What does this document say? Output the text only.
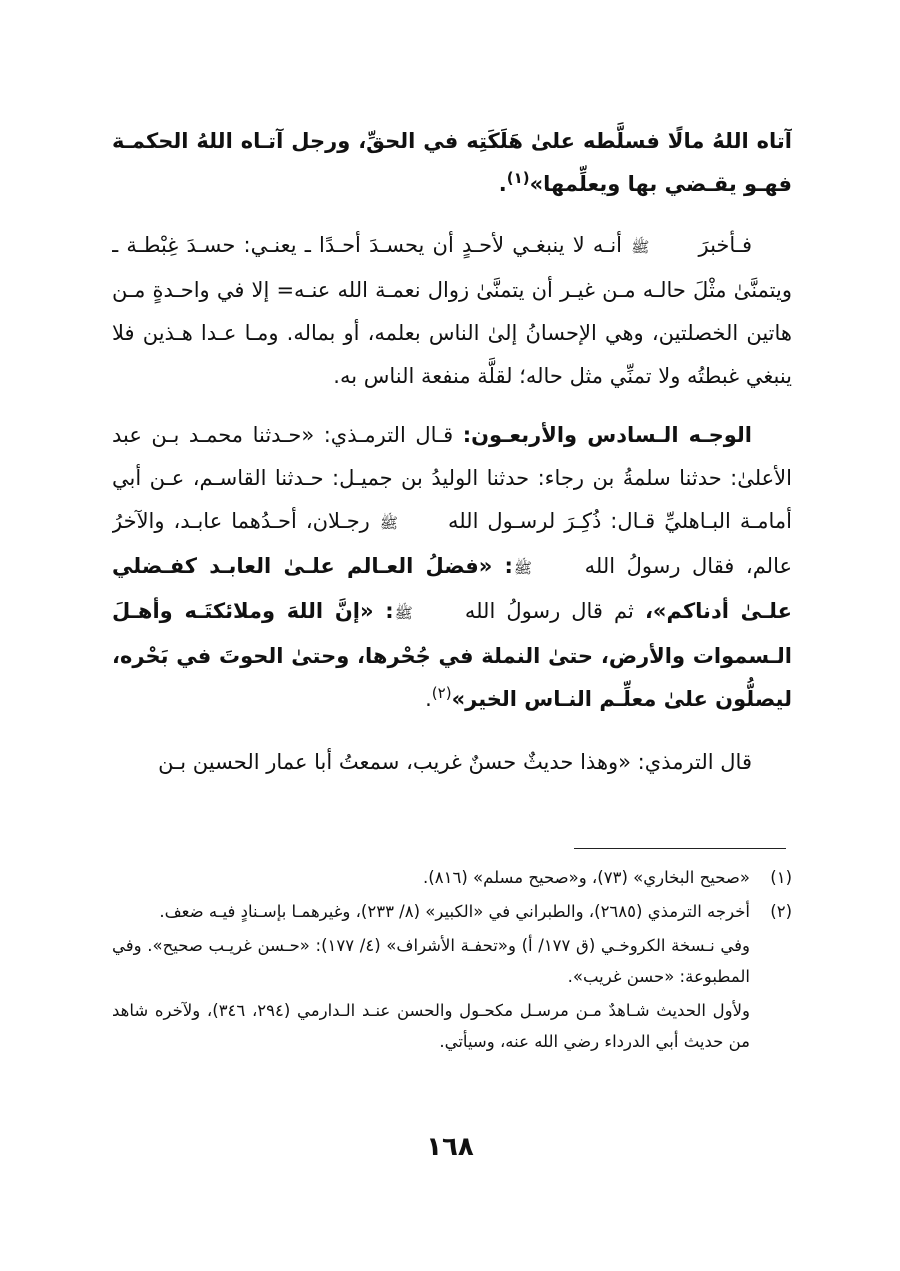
آتاه اللهُ مالًا فسلَّطه علىٰ هَلَكَتِه في الحقِّ، ورجل آتـاه اللهُ الحكمـة فهـو يقـضي بها ويعلِّمها»$^{(١)}$.
فـأخبرَ ﷺ أنـه لا ينبغـي لأحـدٍ أن يحسـدَ أحـدًا ـ يعنـي: حسـدَ غِبْطـة ـ ويتمنَّىٰ مثْلَ حالـه مـن غيـر أن يتمنَّىٰ زوال نعمـة الله عنـه= إلا في واحـدةٍ مـن هاتين الخصلتين، وهي الإحسانُ إلىٰ الناس بعلمه، أو بماله. ومـا عـدا هـذين فلا ينبغي غبطتُه ولا تمنِّي مثل حاله؛ لقلَّة منفعة الناس به.
الوجـه الـسادس والأربعـون: قـال الترمـذي: «حـدثنا محمـد بـن عبد الأعلىٰ: حدثنا سلمةُ بن رجاء: حدثنا الوليدُ بن جميـل: حـدثنا القاسـم، عـن أبي أمامـة البـاهليِّ قـال: ذُكِـرَ لرسـول الله ﷺ رجـلان، أحـدُهما عابـد، والآخرُ عالم، فقال رسولُ الله ﷺ: «فضلُ العـالم علـىٰ العابـد كفـضلي علـىٰ أدناكم»، ثم قال رسولُ الله ﷺ: «إنَّ اللهَ وملائكتَـه وأهـلَ الـسموات والأرض، حتىٰ النملة في جُحْرها، وحتىٰ الحوتَ في بَحْره، ليصلُّون علىٰ معلِّـم النـاس الخير»$^{(٢)}$.
قال الترمذي: «وهذا حديثٌ حسنٌ غريب، سمعتُ أبا عمار الحسين بـن
(١)
«صحيح البخاري» (٧٣)، و«صحيح مسلم» (٨١٦).
(٢)
أخرجه الترمذي (٢٦٨٥)، والطبراني في «الكبير» (٨/ ٢٣٣)، وغيرهمـا بإسـنادٍ فيـه ضعف.
وفي نـسخة الكروخـي (ق ١٧٧/ أ) و«تحفـة الأشراف» (٤/ ١٧٧): «حـسن غريـب صحيح». وفي المطبوعة: «حسن غريب».
ولأول الحديث شـاهدٌ مـن مرسـل مكحـول والحسن عنـد الـدارمي (٢٩٤، ٣٤٦)، ولآخره شاهد من حديث أبي الدرداء رضي الله عنه، وسيأتي.
١٦٨
